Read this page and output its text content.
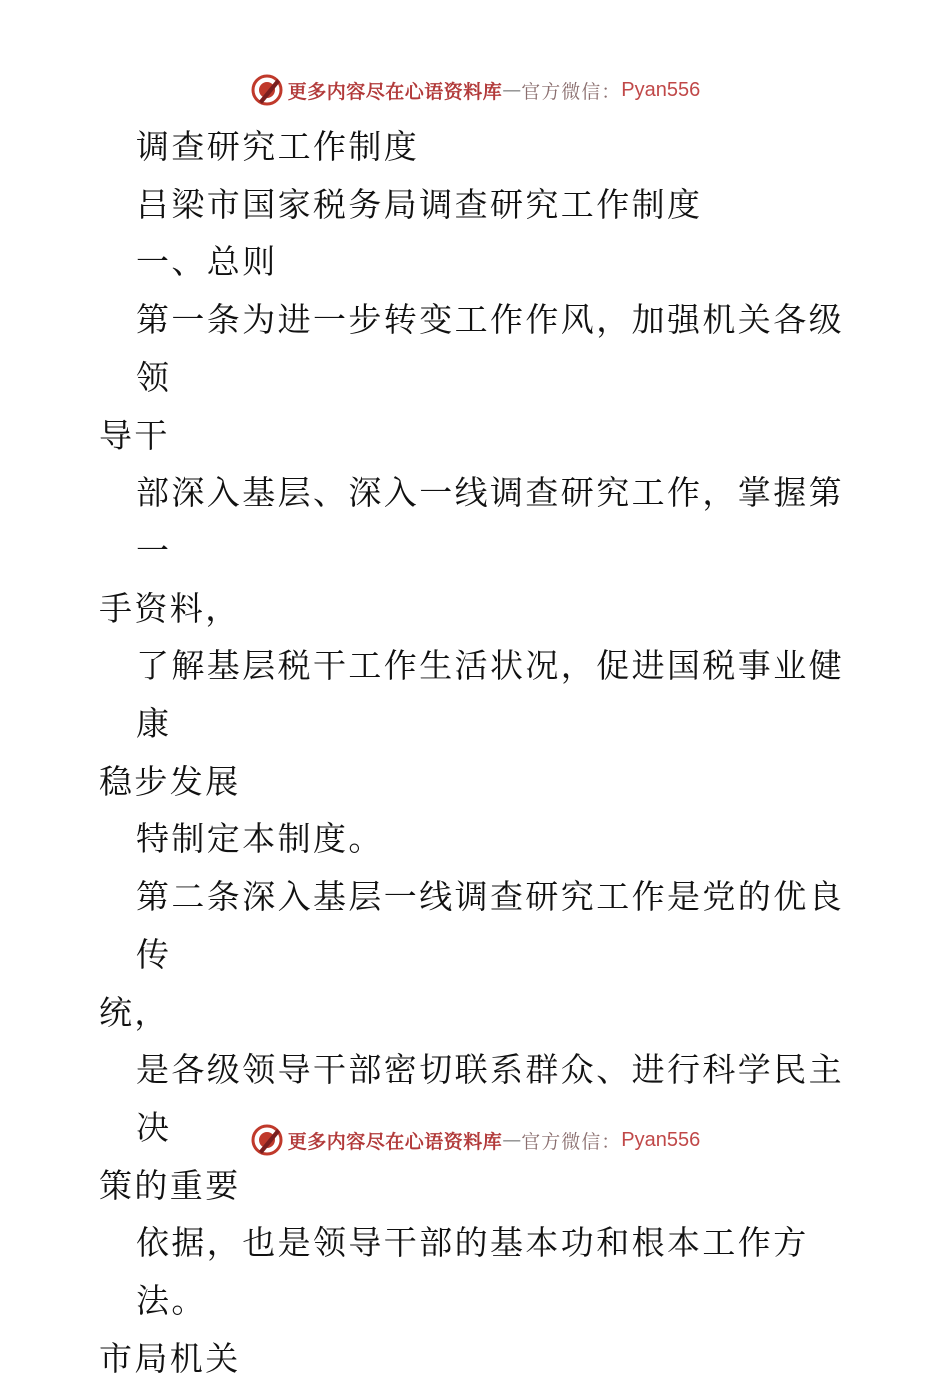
更多内容尽在心语资料库 — 官方微信： Pyan556

调查研究工作制度

吕梁市国家税务局调查研究工作制度

一、总则

第一条为进一步转变工作作风，加强机关各级领

导干

部深入基层、深入一线调查研究工作，掌握第一

手资料，

了解基层税干工作生活状况，促进国税事业健康

稳步发展

特制定本制度。

第二条深入基层一线调查研究工作是党的优良传

统，

是各级领导干部密切联系群众、进行科学民主决

策的重要

依据，也是领导干部的基本功和根本工作方法。

市局机关

更多内容尽在心语资料库 — 官方微信： Pyan556
